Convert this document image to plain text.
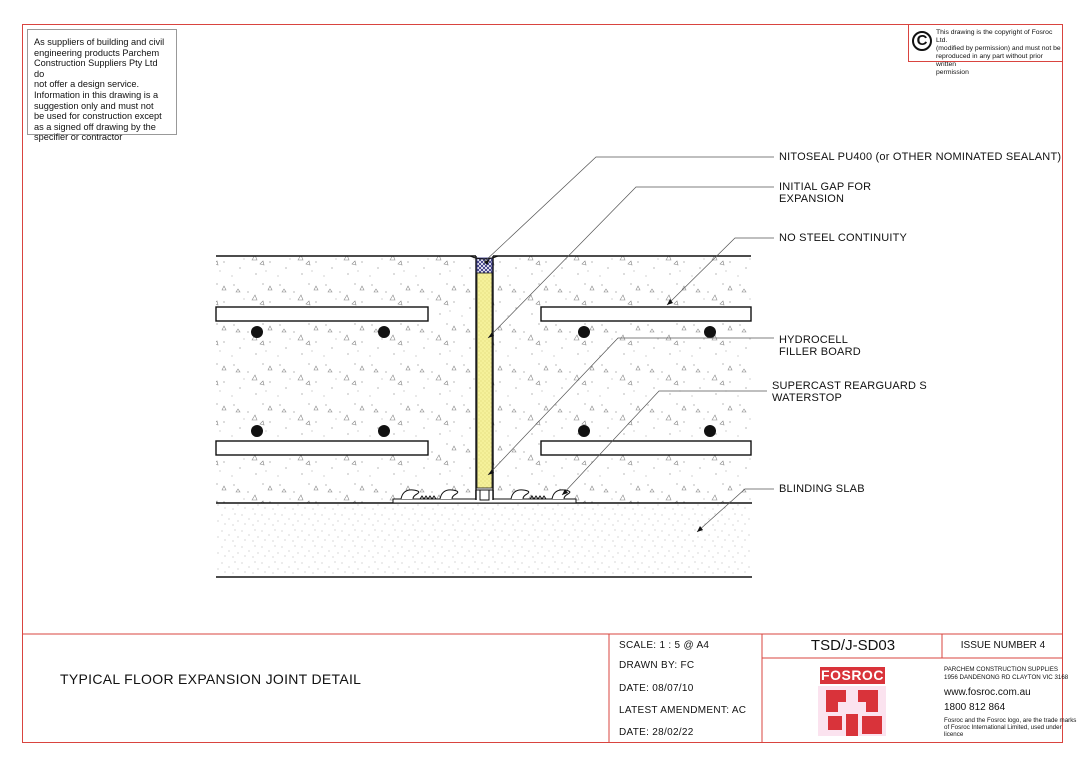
As suppliers of building and civil
engineering products Parchem
Construction Suppliers Pty Ltd do
not offer a design service.
Information in this drawing is a
suggestion only and must not
be used for construction except
as a signed off drawing by the
specifier or contractor
C	This drawing is the copyright of Fosroc Ltd.
(modified by permission) and must not be
reproduced in any part without prior written
permission
NITOSEAL PU400 (or OTHER NOMINATED SEALANT)
INITIAL GAP FOR
EXPANSION
NO STEEL CONTINUITY
HYDROCELL
FILLER BOARD
SUPERCAST REARGUARD S
WATERSTOP
BLINDING SLAB
TYPICAL FLOOR EXPANSION JOINT DETAIL
SCALE: 1 : 5 @ A4
DRAWN BY: FC
DATE: 08/07/10
LATEST AMENDMENT: AC
DATE: 28/02/22
TSD/J-SD03	ISSUE NUMBER 4
FOSROC	PARCHEM CONSTRUCTION SUPPLIES
1956 DANDENONG RD CLAYTON VIC 3168
www.fosroc.com.au
1800 812 864
Fosroc and the Fosroc logo, are the trade marks
of Fosroc International Limited, used under
licence
